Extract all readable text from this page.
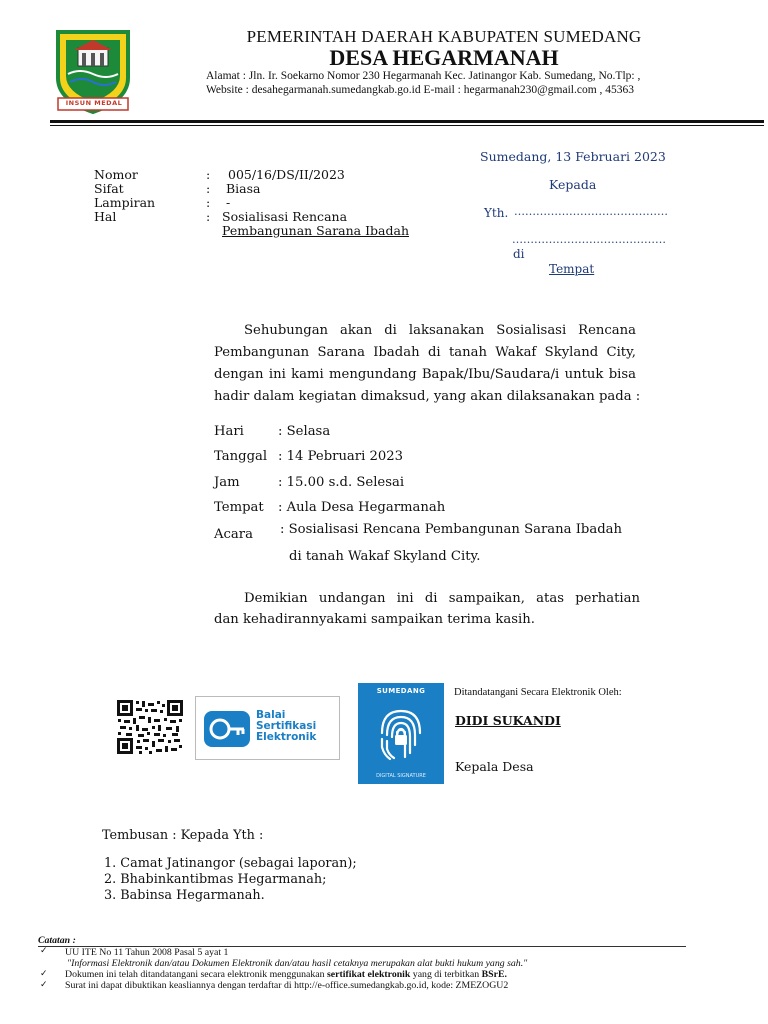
INSUN MEDAL
PEMERINTAH DAERAH KABUPATEN SUMEDANG
DESA HEGARMANAH
Alamat : Jln. Ir. Soekarno Nomor 230 Hegarmanah Kec. Jatinangor Kab. Sumedang, No.Tlp: ,
Website : desahegarmanah.sumedangkab.go.id E-mail : hegarmanah230@gmail.com , 45363
Nomor
Sifat
Lampiran
Hal
:
:
:
:
005/16/DS/II/2023
Biasa
-
Sosialisasi Rencana
Pembangunan Sarana Ibadah
Sumedang, 13 Februari 2023
Kepada
Yth. ……………………………………
……………………………………
di
Tempat
Sehubungan akan di laksanakan Sosialisasi Rencana
Pembangunan Sarana Ibadah di tanah Wakaf Skyland City,
dengan ini kami mengundang Bapak/Ibu/Saudara/i untuk bisa
hadir dalam kegiatan dimaksud, yang akan dilaksanakan pada :
Hari	: Selasa
Tanggal : 14 Pebruari 2023
Jam	: 15.00 s.d. Selesai
Tempat : Aula Desa Hegarmanah
Acara : Sosialisasi Rencana Pembangunan Sarana Ibadah
di tanah Wakaf Skyland City.
Demikian undangan ini di sampaikan, atas perhatian
dan kehadirannyakami sampaikan terima kasih.
Balai
Sertifikasi
Elektronik
SUMEDANG
DIGITAL SIGNATURE
Ditandatangani Secara Elektronik Oleh:
DIDI SUKANDI
Kepala Desa
Tembusan : Kepada Yth :
1. Camat Jatinangor (sebagai laporan);
2. Bhabinkantibmas Hegarmanah;
3. Babinsa Hegarmanah.
Catatan :
✓ UU ITE No 11 Tahun 2008 Pasal 5 ayat 1
"Informasi Elektronik dan/atau Dokumen Elektronik dan/atau hasil cetaknya merupakan alat bukti hukum yang sah."
✓ Dokumen ini telah ditandatangani secara elektronik menggunakan sertifikat elektronik yang di terbitkan BSrE.
✓ Surat ini dapat dibuktikan keasliannya dengan terdaftar di http://e-office.sumedangkab.go.id, kode: ZMEZOGU2
